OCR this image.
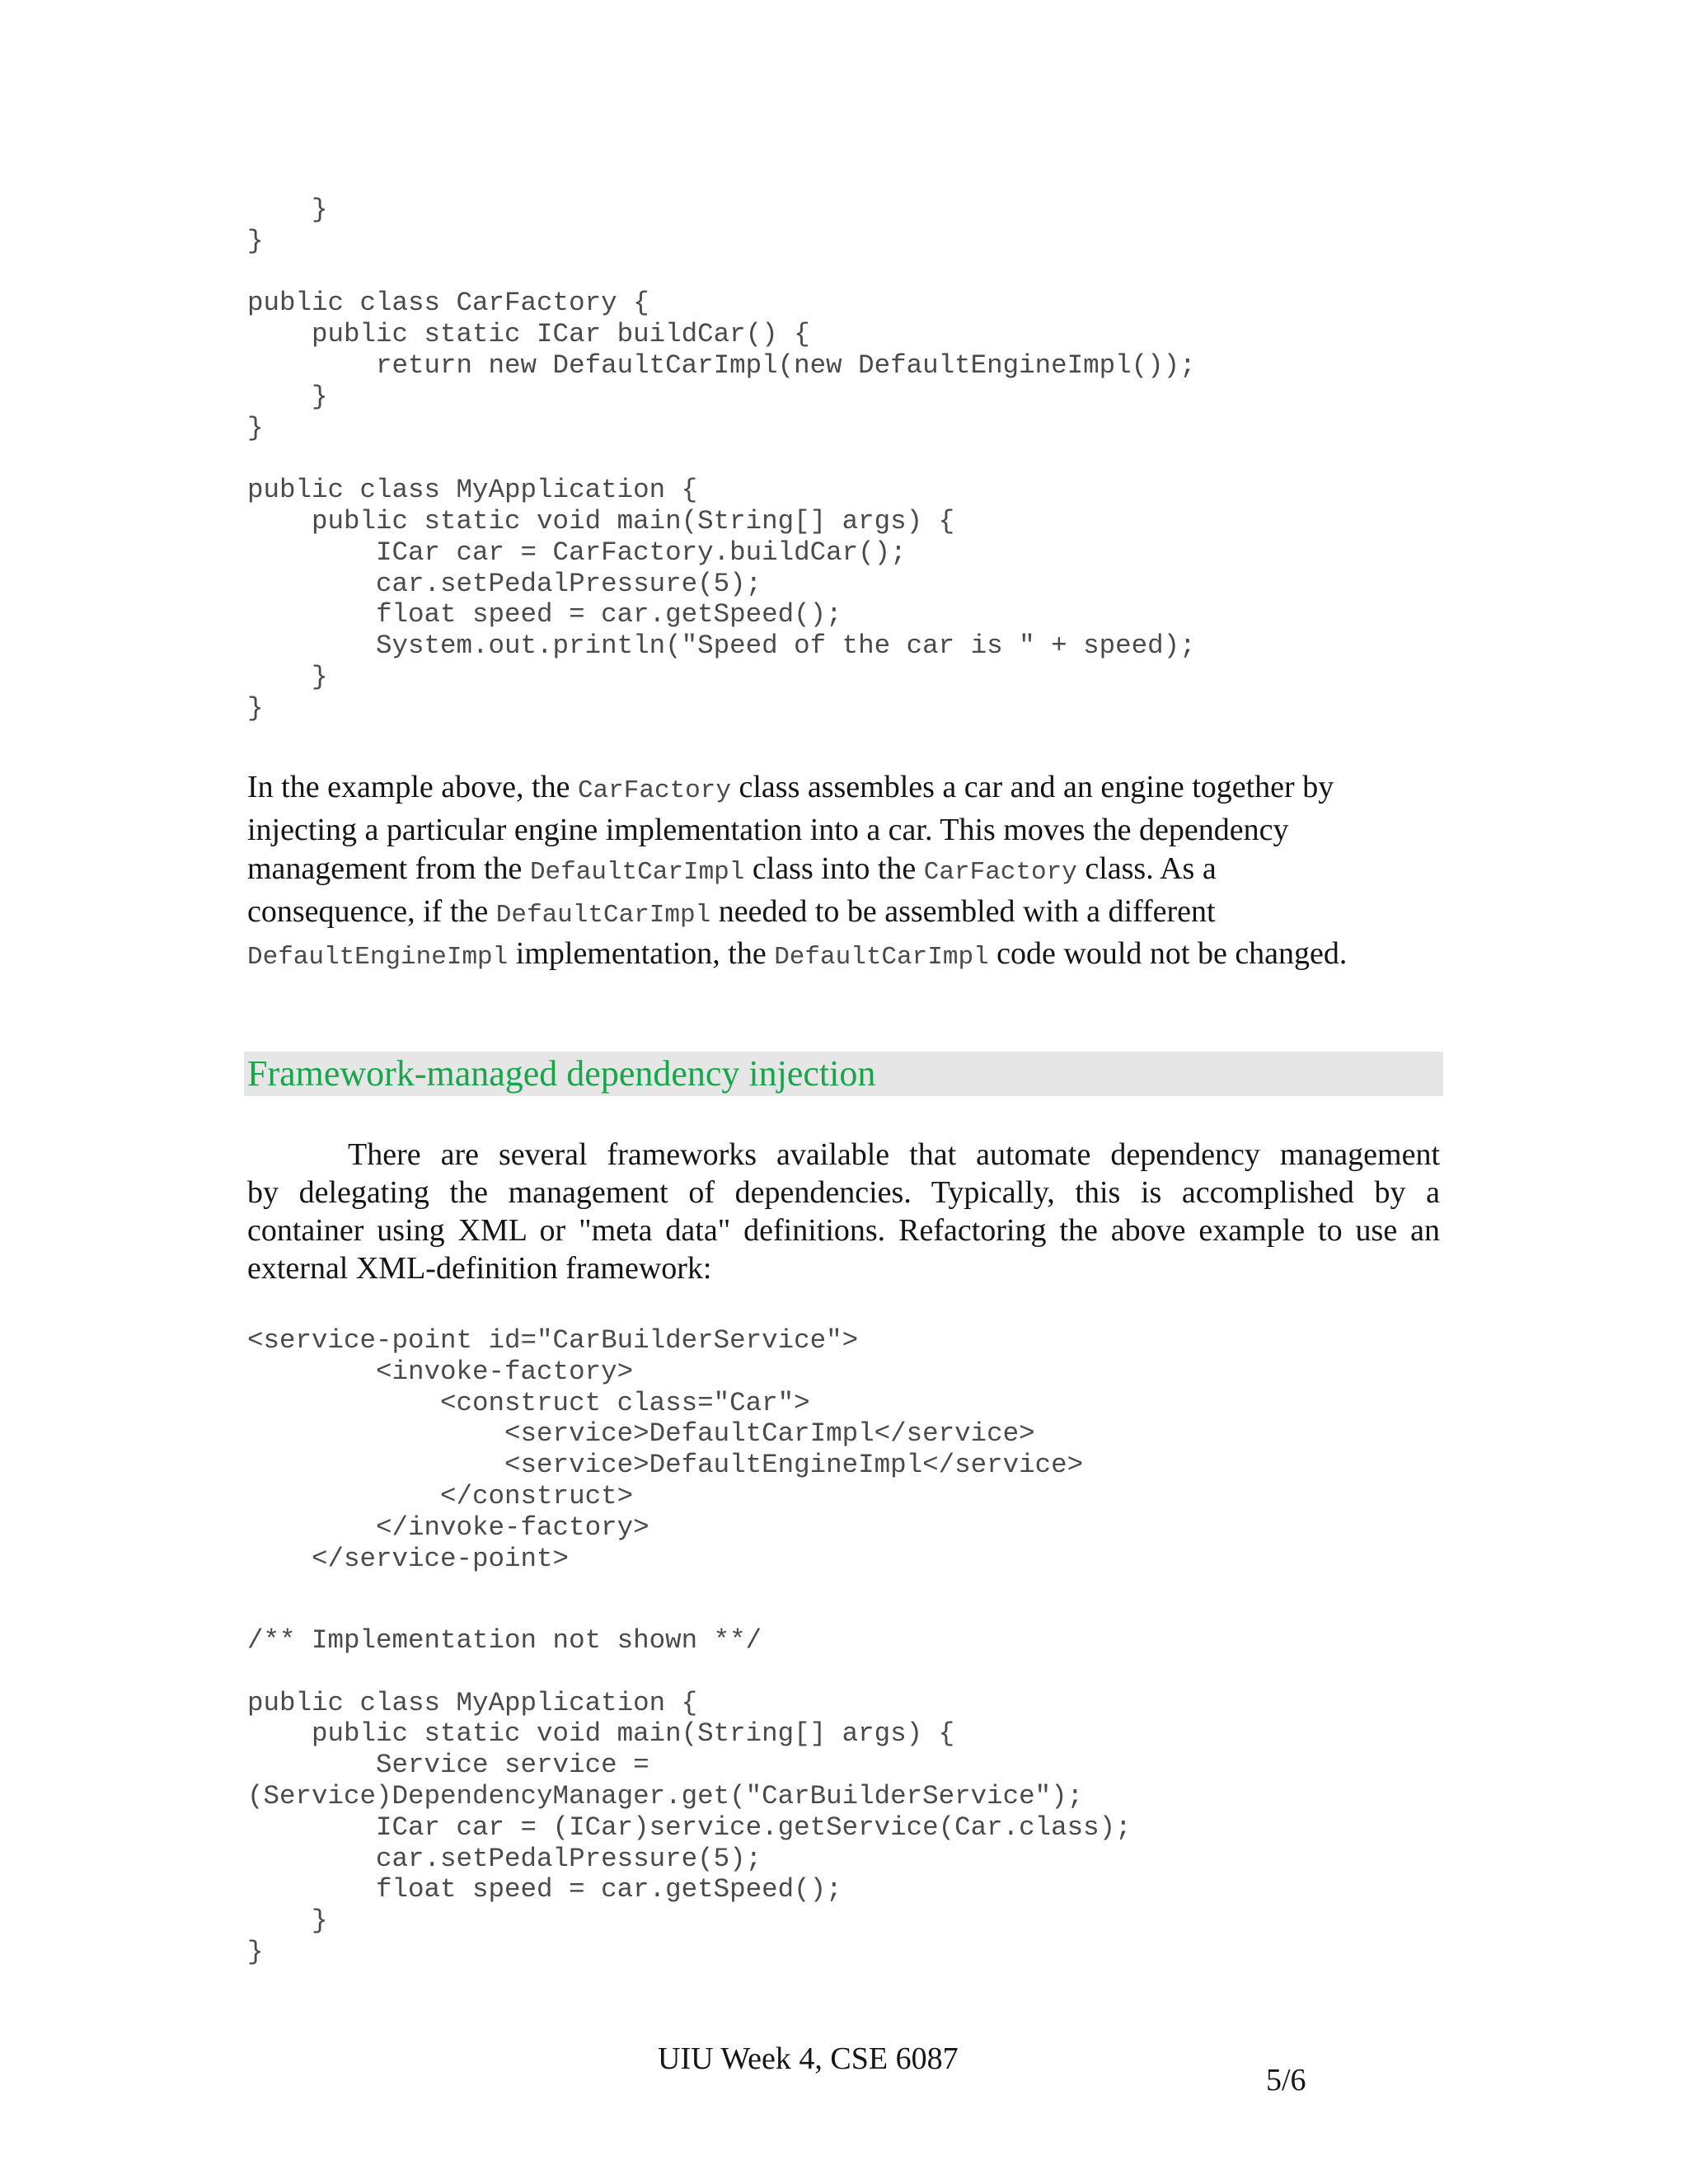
}
}

public class CarFactory {
public static ICar buildCar() {
return new DefaultCarImpl(new DefaultEngineImpl());
}
}

public class MyApplication {
public static void main(String[] args) {
ICar car = CarFactory.buildCar();
car.setPedalPressure(5);
float speed = car.getSpeed();
System.out.println("Speed of the car is " + speed);
}
}
In the example above, the CarFactory class assembles a car and an engine together by
injecting a particular engine implementation into a car. This moves the dependency
management from the DefaultCarImpl class into the CarFactory class. As a
consequence, if the DefaultCarImpl needed to be assembled with a different
DefaultEngineImpl implementation, the DefaultCarImpl code would not be changed.
Framework-managed dependency injection
There are several frameworks available that automate dependency management
by delegating the management of dependencies. Typically, this is accomplished by a
container using XML or "meta data" definitions. Refactoring the above example to use an
external XML-definition framework:
<service-point id="CarBuilderService">
<invoke-factory>
<construct class="Car">
<service>DefaultCarImpl</service>
<service>DefaultEngineImpl</service>
</construct>
</invoke-factory>
</service-point>
/** Implementation not shown **/

public class MyApplication {
public static void main(String[] args) {
Service service =
(Service)DependencyManager.get("CarBuilderService");
ICar car = (ICar)service.getService(Car.class);
car.setPedalPressure(5);
float speed = car.getSpeed();
}
}
UIU Week 4, CSE 6087
5/6
